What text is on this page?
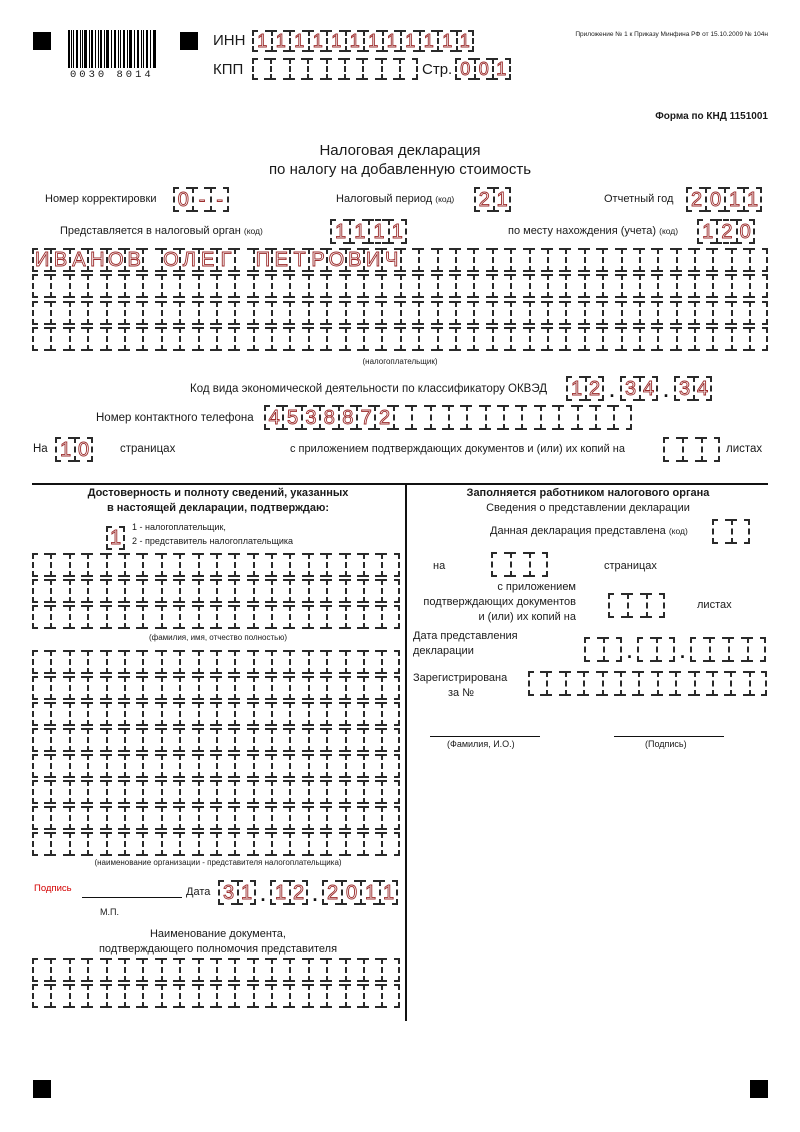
0030 8014
ИНН 1 1 1 1 1 1 1 1 1 1 1 1
КПП	Стр. 0 0 1
Приложение № 1 к Приказу Минфина РФ от 15.10.2009 № 104н
Форма по КНД 1151001
Налоговая декларация
по налогу на добавленную стоимость
Номер корректировки 0 - -	Налоговый период (код) 2 1	Отчетный год 2 0 1 1
Представляется в налоговый орган (код)	1 1 1 1	по месту нахождения (учета) (код) 1 2 0
И В А Н О В О Л Е Г П Е Т Р О В И Ч
(налогоплательщик)
Код вида экономической деятельности по классификатору ОКВЭД 1 2 . 3 4 . 3 4
Номер контактного телефона 4 5 3 8 8 7 2
На 1 0	страницах	с приложением подтверждающих документов и (или) их копий на	листах
Достоверность и полноту сведений, указанных
в настоящей декларации, подтверждаю:
1	1 - налогоплательщик,
2 - представитель налогоплательщика
(фамилия, имя, отчество полностью)
(наименование организации - представителя налогоплательщика)
Подпись	Дата 3 1 . 1 2 . 2 0 1 1
М.П.
Наименование документа,
подтверждающего полномочия представителя
Заполняется работником налогового органа
Сведения о представлении декларации
Данная декларация представлена (код)
на	страницах
с приложением
подтверждающих документов
и (или) их копий на
листах
Дата представления
декларации	.	.
Зарегистрирована
за №
(Фамилия, И.О.)	(Подпись)
